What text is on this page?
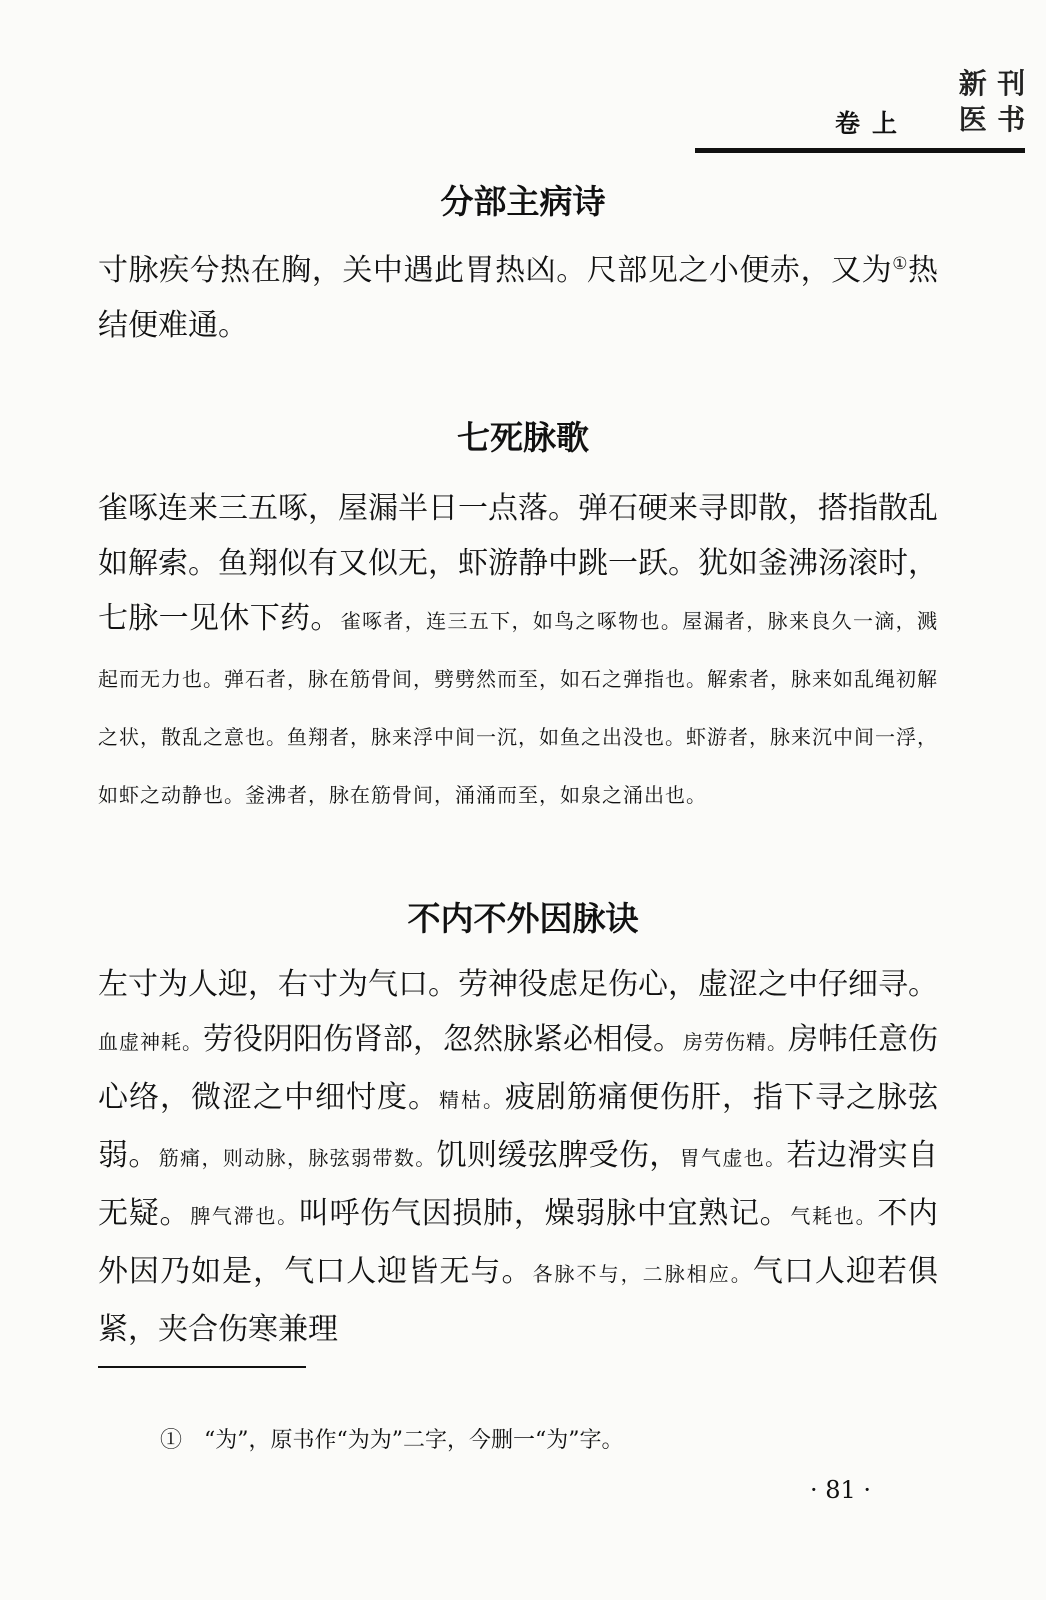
卷上
新 刊
医 书
分部主病诗

寸脉疾兮热在胸，关中遇此胃热凶。尺部见之小便赤，又为①热结便难通。

七死脉歌

雀啄连来三五啄，屋漏半日一点落。弹石硬来寻即散，搭指散乱如解索。鱼翔似有又似无，虾游静中跳一跃。犹如釜沸汤滚时，七脉一见休下药。雀啄者，连三五下，如鸟之啄物也。屋漏者，脉来良久一滴，溅起而无力也。弹石者，脉在筋骨间，劈劈然而至，如石之弹指也。解索者，脉来如乱绳初解之状，散乱之意也。鱼翔者，脉来浮中间一沉，如鱼之出没也。虾游者，脉来沉中间一浮，如虾之动静也。釜沸者，脉在筋骨间，涌涌而至，如泉之涌出也。

不内不外因脉诀

左寸为人迎，右寸为气口。劳神役虑足伤心，虚涩之中仔细寻。血虚神耗。劳役阴阳伤肾部，忽然脉紧必相侵。房劳伤精。房帏任意伤心络，微涩之中细忖度。精枯。疲剧筋痛便伤肝，指下寻之脉弦弱。筋痛，则动脉，脉弦弱带数。饥则缓弦脾受伤，胃气虚也。若边滑实自无疑。脾气滞也。叫呼伤气因损肺，燥弱脉中宜熟记。气耗也。不内外因乃如是，气口人迎皆无与。各脉不与，二脉相应。气口人迎若俱紧，夹合伤寒兼理

①　“为”，原书作“为为”二字，今删一“为”字。
· 81 ·
